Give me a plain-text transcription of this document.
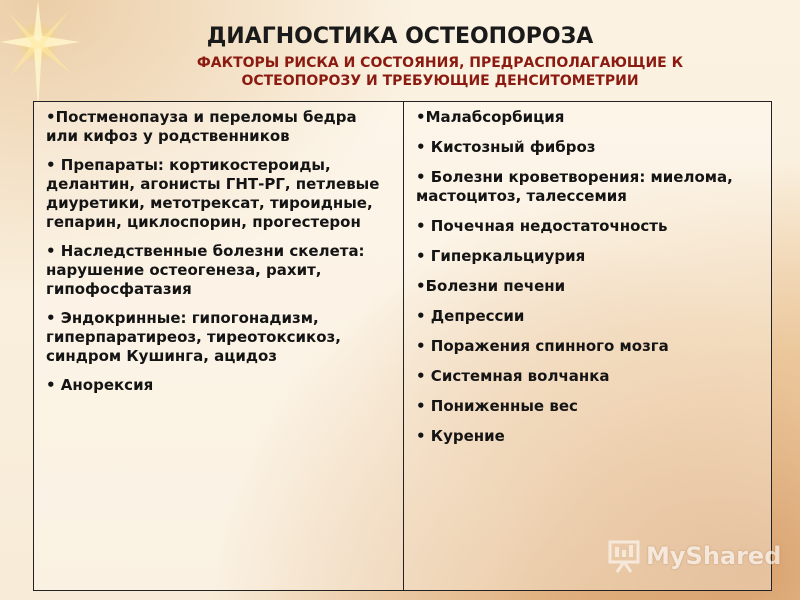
ДИАГНОСТИКА ОСТЕОПОРОЗА
ФАКТОРЫ РИСКА И СОСТОЯНИЯ, ПРЕДРАСПОЛАГАЮЩИЕ К
ОСТЕОПОРОЗУ И ТРЕБУЮЩИЕ ДЕНСИТОМЕТРИИ
•Постменопауза и переломы бедра или кифоз у родственников
• Препараты: кортикостероиды, делантин, агонисты ГНТ-РГ, петлевые диуретики, метотрексат, тироидные, гепарин, циклоспорин, прогестерон
• Наследственные болезни скелета: нарушение остеогенеза, рахит, гипофосфатазия
• Эндокринные: гипогонадизм, гиперпаратиреоз, тиреотоксикоз, синдром Кушинга, ацидоз
• Анорексия
•Малабсорбиция
• Кистозный фиброз
• Болезни кроветворения: миелома, мастоцитоз, талессемия
• Почечная недостаточность
• Гиперкальциурия
•Болезни печени
• Депрессии
• Поражения спинного мозга
• Системная волчанка
• Пониженные вес
• Курение
MyShared
